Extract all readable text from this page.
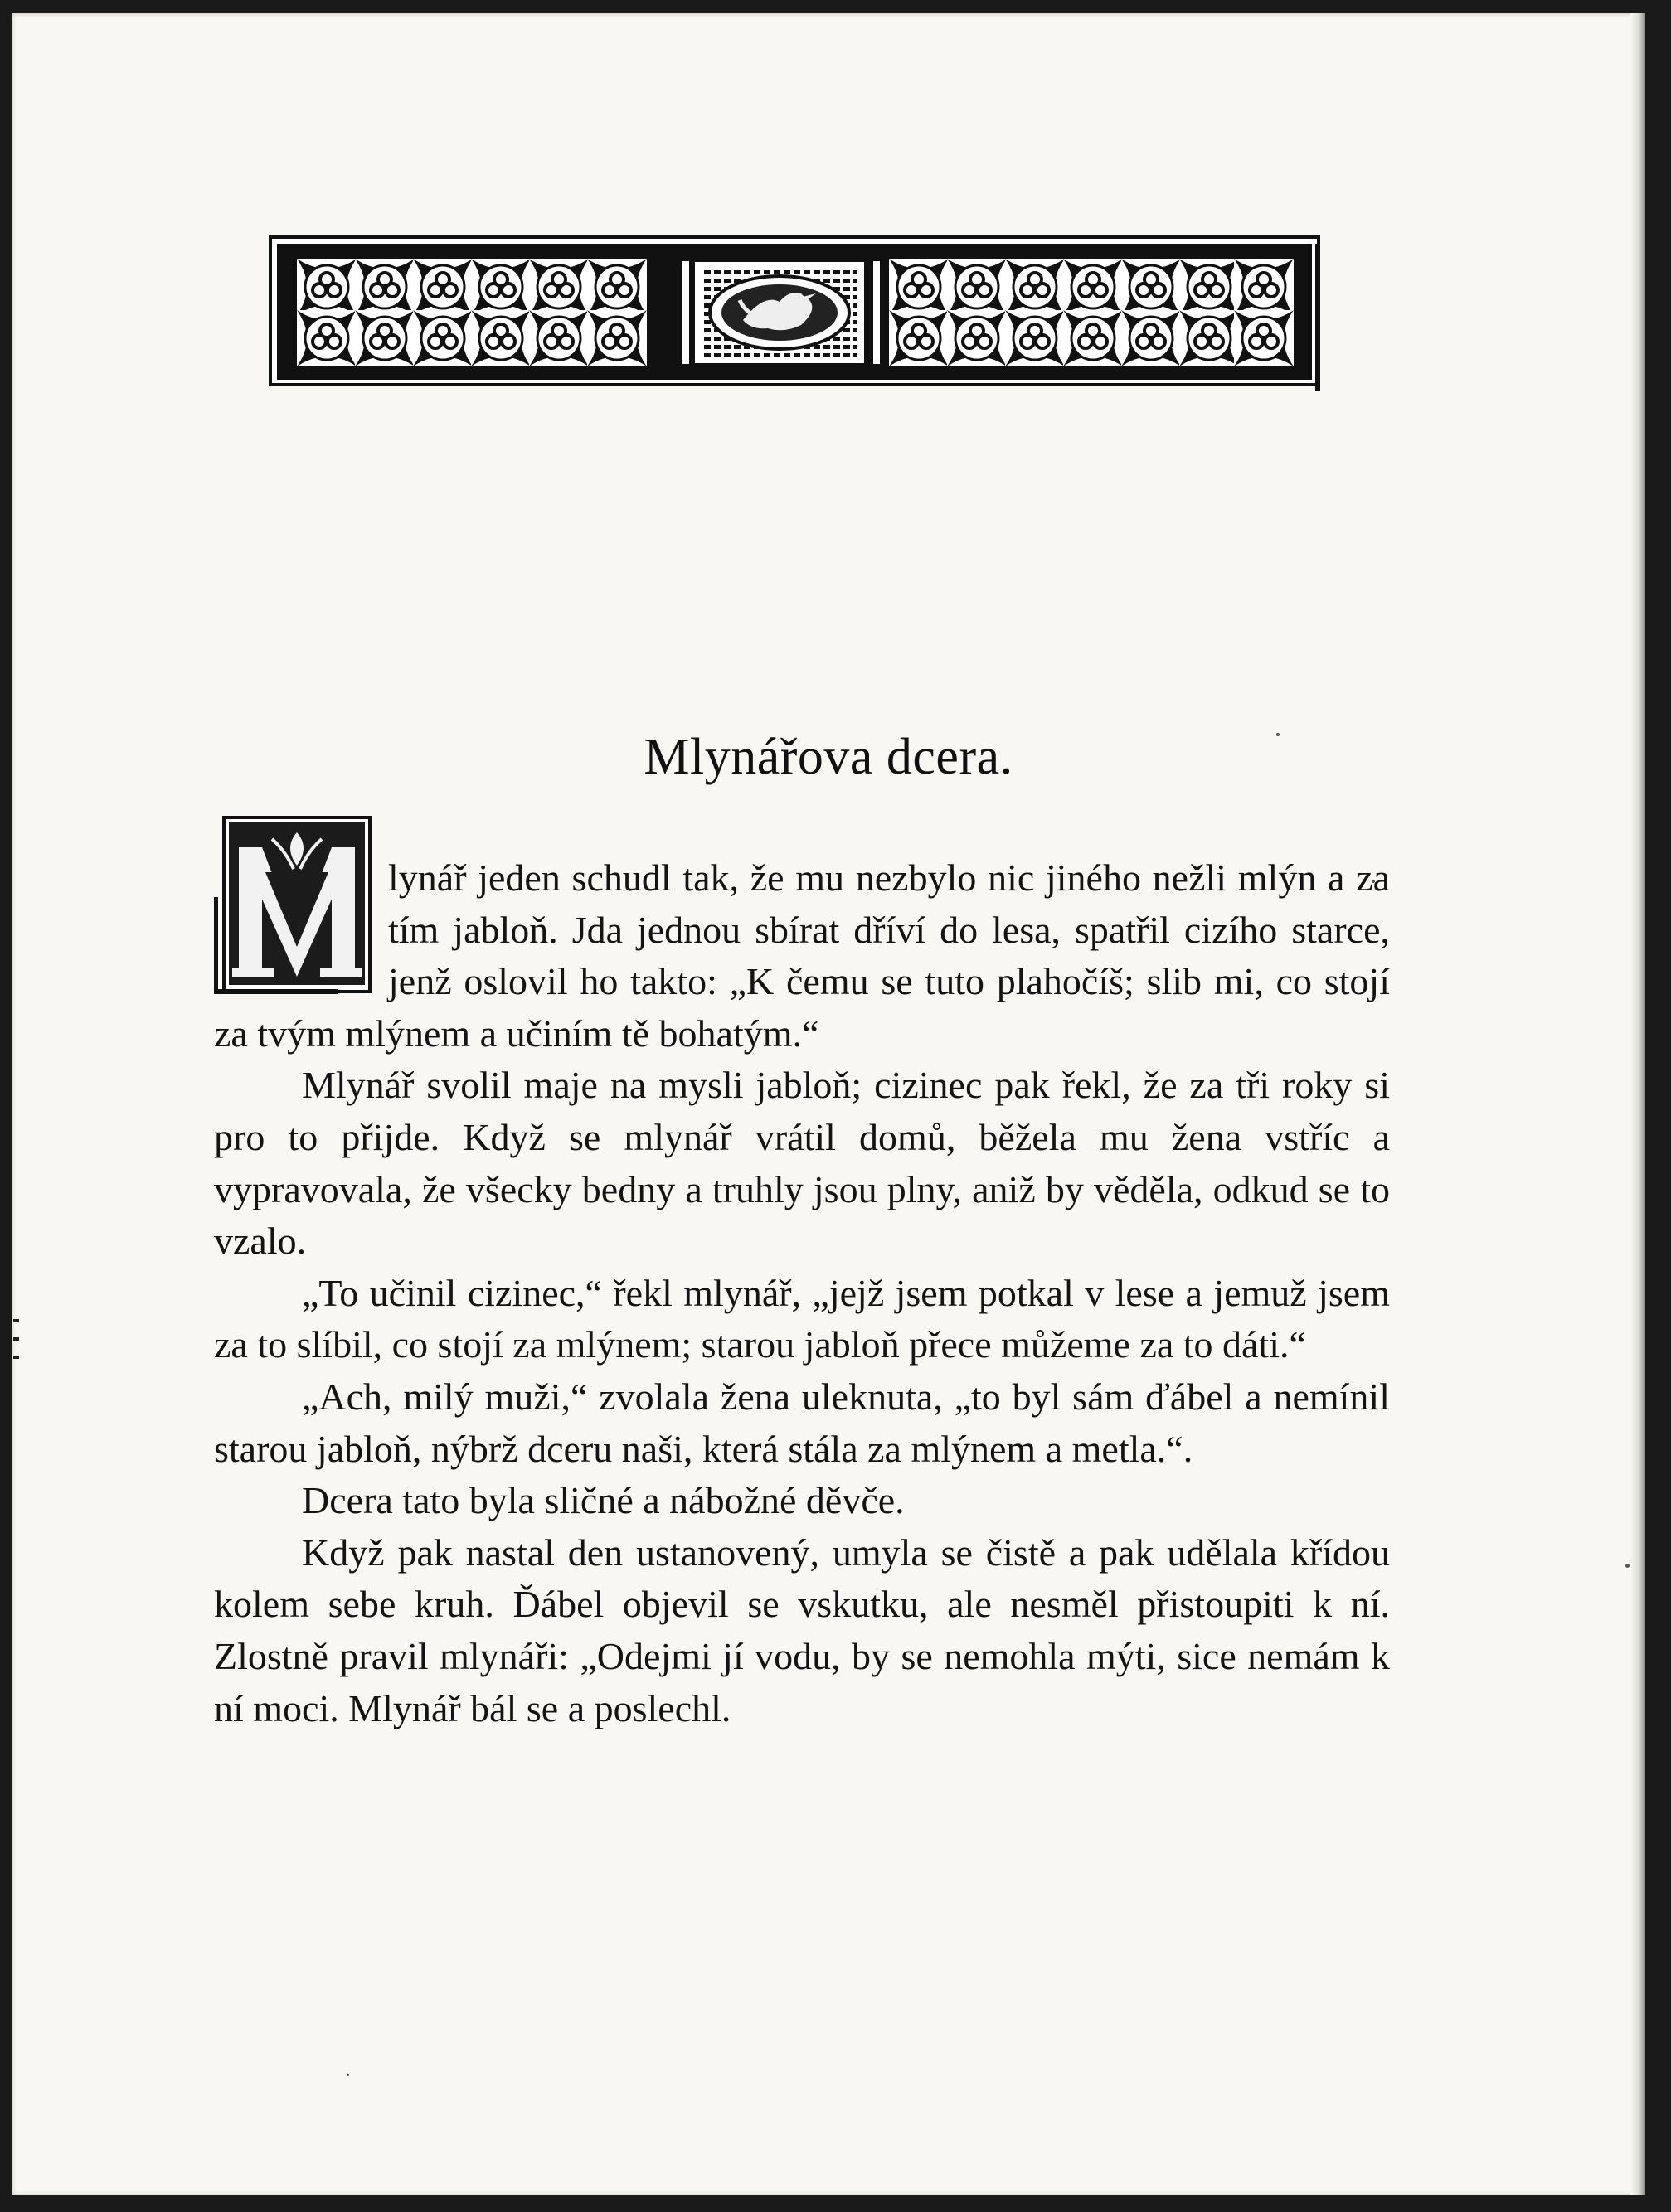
Mlynářova dcera.
M

lynář jeden schudl tak, že mu nezbylo nic jiného nežli mlýn a za tím jabloň. Jda jednou sbírat dříví do lesa, spatřil cizího starce, jenž oslovil ho takto: „K čemu se tuto plahočíš; slib mi, co stojí za tvým mlýnem a učiním tě bohatým.“

Mlynář svolil maje na mysli jabloň; cizinec pak řekl, že za tři roky si pro to přijde. Když se mlynář vrátil domů, běžela mu žena vstříc a vypravovala, že všecky bedny a truhly jsou plny, aniž by věděla, odkud se to vzalo.

„To učinil cizinec,“ řekl mlynář, „jejž jsem potkal v lese a jemuž jsem za to slíbil, co stojí za mlýnem; starou jabloň přece můžeme za to dáti.“

„Ach, milý muži,“ zvolala žena uleknuta, „to byl sám ďábel a nemínil starou jabloň, nýbrž dceru naši, která stála za mlýnem a metla.“.

Dcera tato byla sličné a nábožné děvče.

Když pak nastal den ustanovený, umyla se čistě a pak udělala křídou kolem sebe kruh. Ďábel objevil se vskutku, ale nesměl přistoupiti k ní. Zlostně pravil mlynáři: „Odejmi jí vodu, by se nemohla mýti, sice nemám k ní moci. Mlynář bál se a poslechl.
